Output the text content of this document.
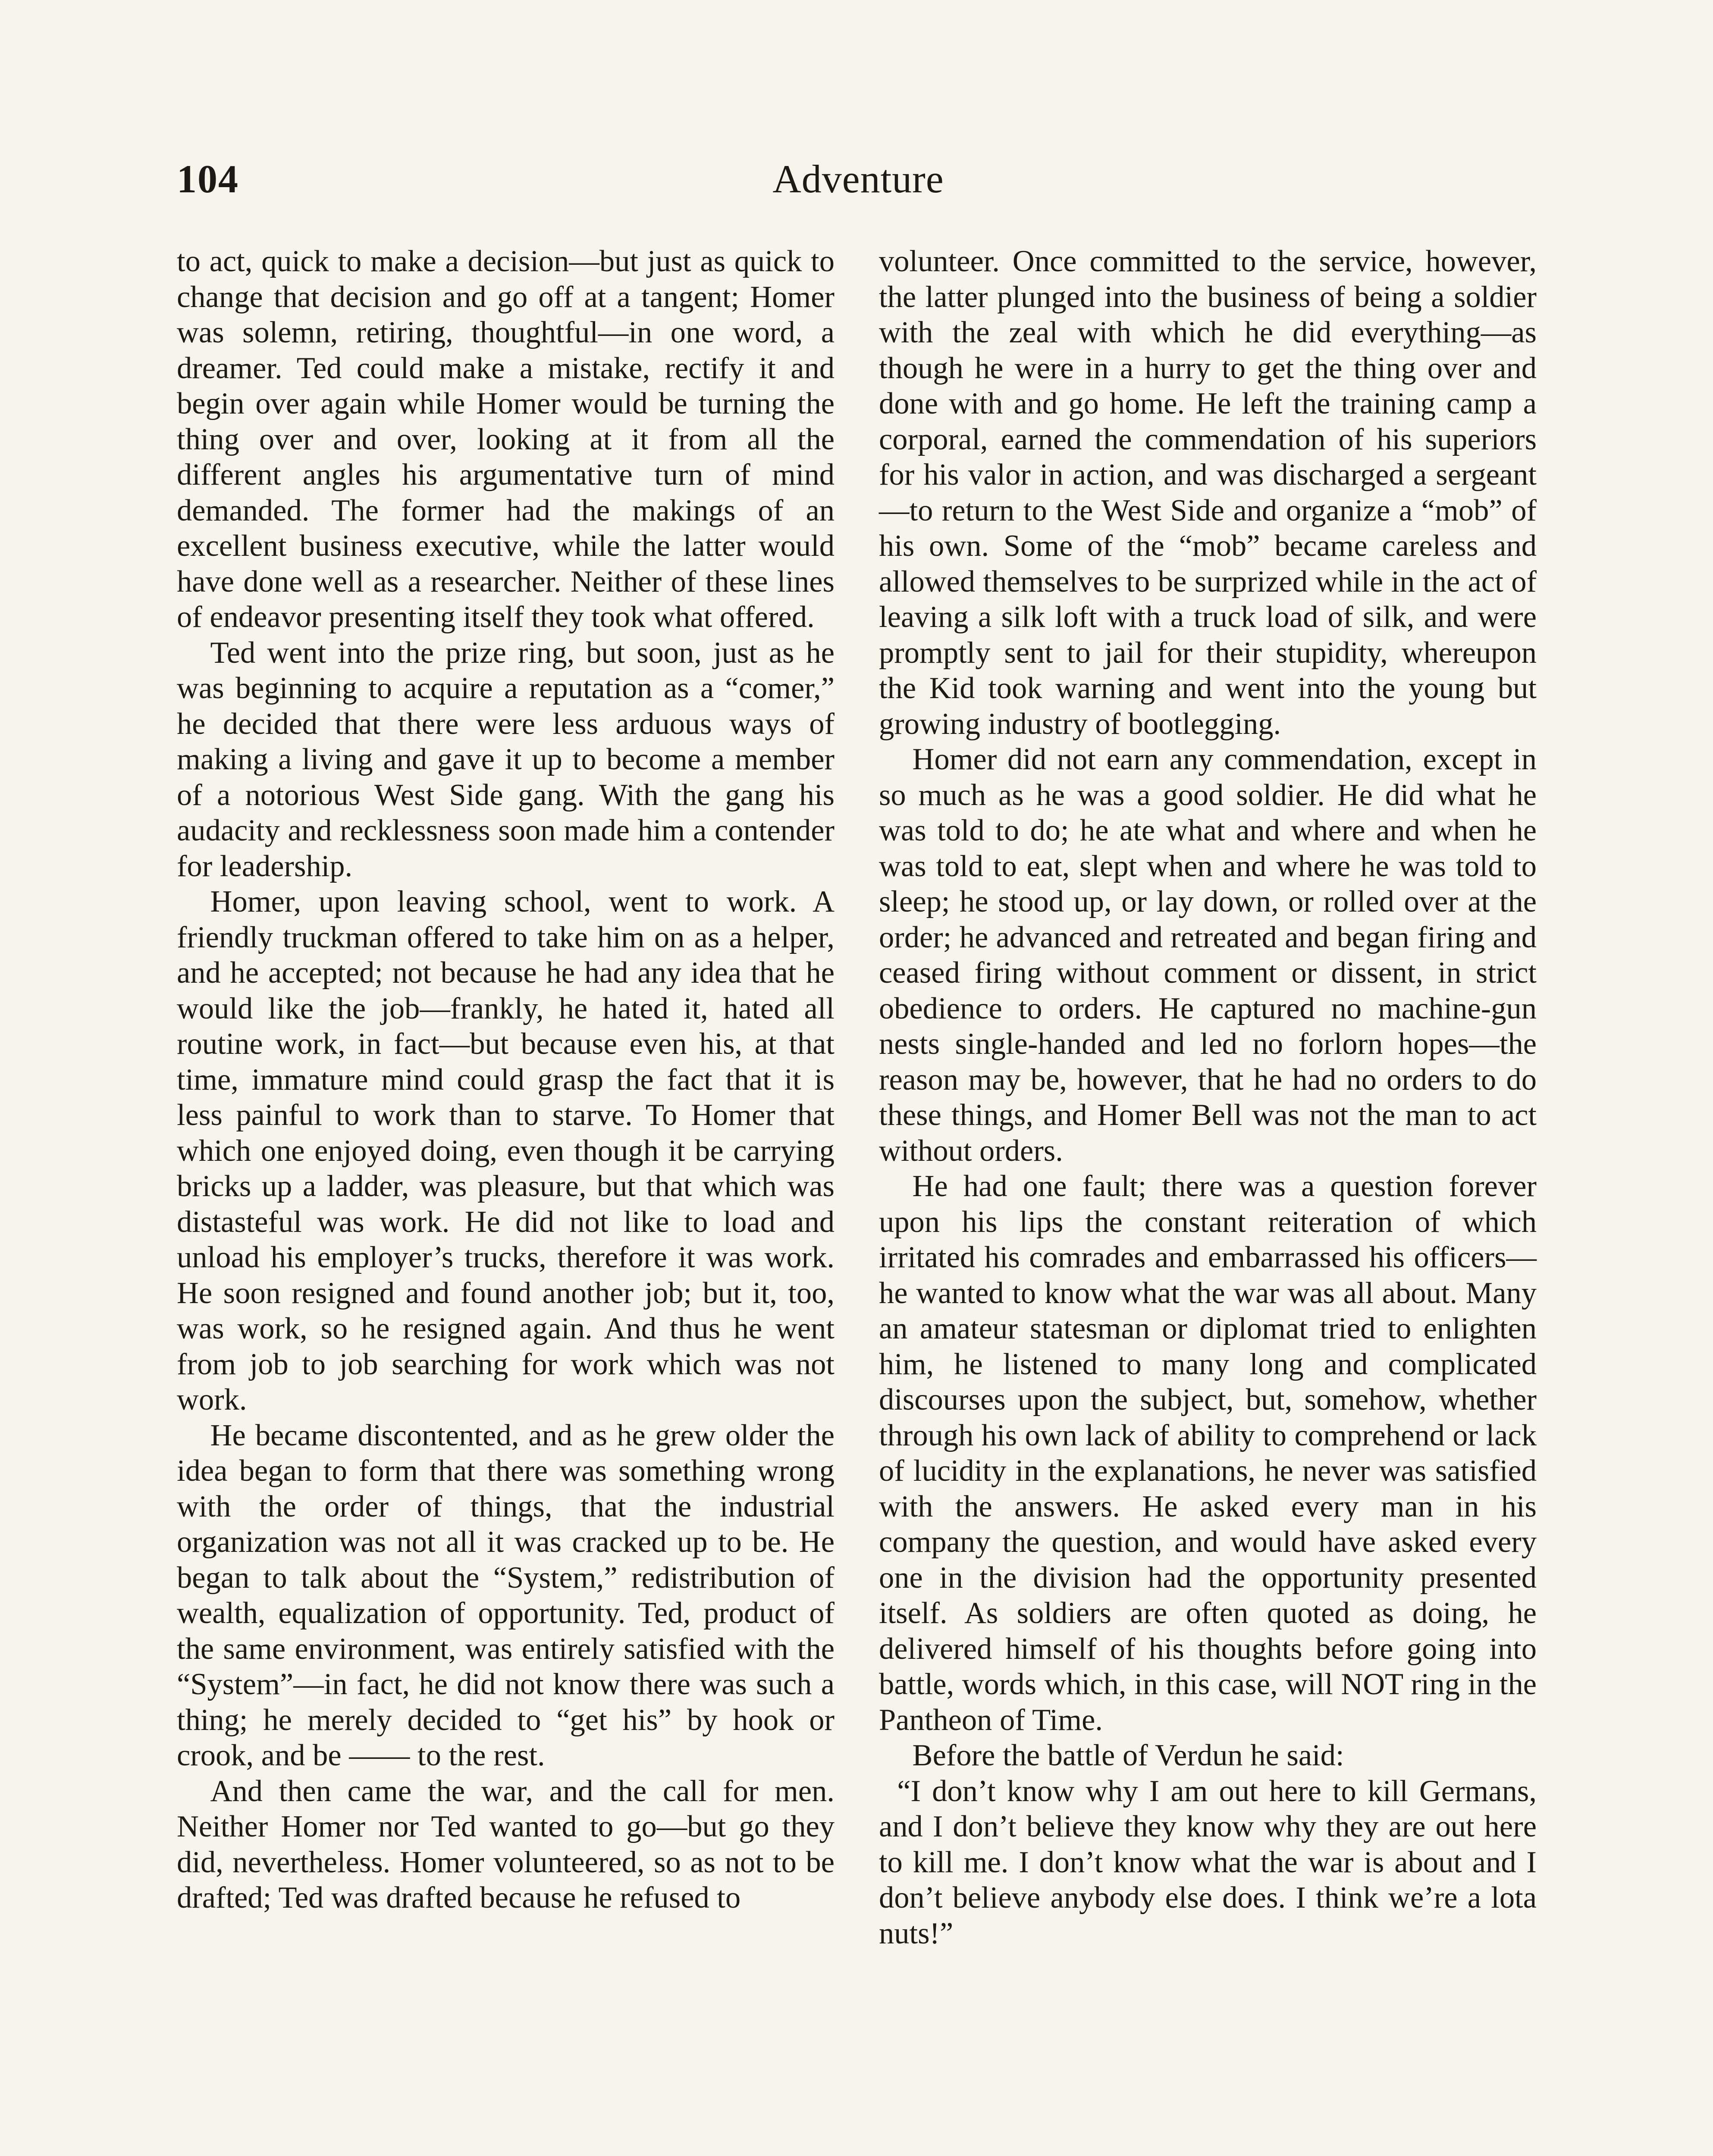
104	Adventure

to act, quick to make a decision—but just as quick to change that decision and go off at a tangent; Homer was solemn, retiring, thoughtful—in one word, a dreamer. Ted could make a mistake, rectify it and begin over again while Homer would be turning the thing over and over, looking at it from all the different angles his argumentative turn of mind demanded. The former had the makings of an excellent business executive, while the latter would have done well as a researcher. Neither of these lines of endeavor presenting itself they took what offered.

Ted went into the prize ring, but soon, just as he was beginning to acquire a reputation as a “comer,” he decided that there were less arduous ways of making a living and gave it up to become a member of a notorious West Side gang. With the gang his audacity and recklessness soon made him a contender for leadership.

Homer, upon leaving school, went to work. A friendly truckman offered to take him on as a helper, and he accepted; not because he had any idea that he would like the job—frankly, he hated it, hated all routine work, in fact—but because even his, at that time, immature mind could grasp the fact that it is less painful to work than to starve. To Homer that which one enjoyed doing, even though it be carrying bricks up a ladder, was pleasure, but that which was distasteful was work. He did not like to load and unload his employer’s trucks, therefore it was work. He soon resigned and found another job; but it, too, was work, so he resigned again. And thus he went from job to job searching for work which was not work.

He became discontented, and as he grew older the idea began to form that there was something wrong with the order of things, that the industrial organization was not all it was cracked up to be. He began to talk about the “System,” redistribution of wealth, equalization of opportunity. Ted, product of the same environment, was entirely satisfied with the “System”—in fact, he did not know there was such a thing; he merely decided to “get his” by hook or crook, and be —— to the rest.

And then came the war, and the call for men. Neither Homer nor Ted wanted to go—but go they did, nevertheless. Homer volunteered, so as not to be drafted; Ted was drafted because he refused to

volunteer. Once committed to the service, however, the latter plunged into the business of being a soldier with the zeal with which he did everything—as though he were in a hurry to get the thing over and done with and go home. He left the training camp a corporal, earned the commendation of his superiors for his valor in action, and was discharged a sergeant—to return to the West Side and organize a “mob” of his own. Some of the “mob” became careless and allowed themselves to be surprized while in the act of leaving a silk loft with a truck load of silk, and were promptly sent to jail for their stupidity, whereupon the Kid took warning and went into the young but growing industry of bootlegging.

Homer did not earn any commendation, except in so much as he was a good soldier. He did what he was told to do; he ate what and where and when he was told to eat, slept when and where he was told to sleep; he stood up, or lay down, or rolled over at the order; he advanced and retreated and began firing and ceased firing without comment or dissent, in strict obedience to orders. He captured no machine-gun nests single-handed and led no forlorn hopes—the reason may be, however, that he had no orders to do these things, and Homer Bell was not the man to act without orders.

He had one fault; there was a question forever upon his lips the constant reiteration of which irritated his comrades and embarrassed his officers—he wanted to know what the war was all about. Many an amateur statesman or diplomat tried to enlighten him, he listened to many long and complicated discourses upon the subject, but, somehow, whether through his own lack of ability to comprehend or lack of lucidity in the explanations, he never was satisfied with the answers. He asked every man in his company the question, and would have asked every one in the division had the opportunity presented itself. As soldiers are often quoted as doing, he delivered himself of his thoughts before going into battle, words which, in this case, will NOT ring in the Pantheon of Time.

Before the battle of Verdun he said:

“I don’t know why I am out here to kill Germans, and I don’t believe they know why they are out here to kill me. I don’t know what the war is about and I don’t believe anybody else does. I think we’re a lota nuts!”
